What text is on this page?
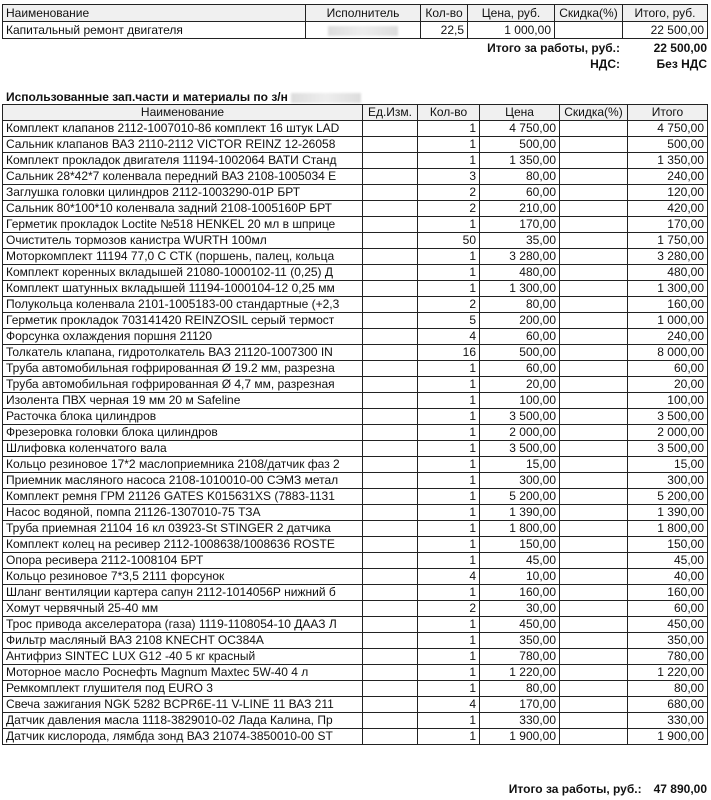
Наименование	Исполнитель	Кол-во	Цена, руб.	Скидка(%)	Итого, руб.
Капитальный ремонт двигателя		22,5	1 000,00		22 500,00
Итого за работы, руб.:	22 500,00
НДС:	Без НДС
Использованные зап.части и материалы по з/н
Наименование	Ед.Изм.	Кол-во	Цена	Скидка(%)	Итого
Комплект клапанов 2112-1007010-86 комплект 16 штук LAD		1	4 750,00		4 750,00
Сальник клапанов ВАЗ 2110-2112 VICTOR REINZ 12-26058		1	500,00		500,00
Комплект прокладок двигателя 11194-1002064 ВАТИ Станд		1	1 350,00		1 350,00
Сальник 28*42*7 коленвала передний ВАЗ 2108-1005034 Е		3	80,00		240,00
Заглушка головки цилиндров 2112-1003290-01Р БРТ		2	60,00		120,00
Сальник 80*100*10 коленвала задний 2108-1005160Р БРТ		2	210,00		420,00
Герметик прокладок Loctite №518 HENKEL 20 мл в шприце		1	170,00		170,00
Очиститель тормозов канистра WURTH 100мл		50	35,00		1 750,00
Моторкомплект 11194 77,0 С СТК (поршень, палец, кольца		1	3 280,00		3 280,00
Комплект коренных вкладышей 21080-1000102-11 (0,25) Д		1	480,00		480,00
Комплект шатунных вкладышей 11194-1000104-12 0,25 мм		1	1 300,00		1 300,00
Полукольца коленвала 2101-1005183-00 стандартные (+2,3		2	80,00		160,00
Герметик прокладок 703141420 REINZOSIL серый термост		5	200,00		1 000,00
Форсунка охлаждения поршня 21120		4	60,00		240,00
Толкатель клапана, гидротолкатель ВАЗ 21120-1007300 IN		16	500,00		8 000,00
Труба автомобильная гофрированная Ø 19.2 мм, разрезна		1	60,00		60,00
Труба автомобильная гофрированная Ø 4,7 мм, разрезная		1	20,00		20,00
Изолента ПВХ черная 19 мм 20 м Safeline		1	100,00		100,00
Расточка блока цилиндров		1	3 500,00		3 500,00
Фрезеровка головки блока цилиндров		1	2 000,00		2 000,00
Шлифовка коленчатого вала		1	3 500,00		3 500,00
Кольцо резиновое 17*2 маслоприемника 2108/датчик фаз 2		1	15,00		15,00
Приемник масляного насоса 2108-1010010-00 СЭМЗ метал		1	300,00		300,00
Комплект ремня ГРМ 21126 GATES K015631XS (7883-1131		1	5 200,00		5 200,00
Насос водяной, помпа 21126-1307010-75 ТЗА		1	1 390,00		1 390,00
Труба приемная 21104 16 кл 03923-St STINGER 2 датчика		1	1 800,00		1 800,00
Комплект колец на ресивер 2112-1008638/1008636 ROSTE		1	150,00		150,00
Опора ресивера 2112-1008104 БРТ		1	45,00		45,00
Кольцо резиновое 7*3,5 2111 форсунок		4	10,00		40,00
Шланг вентиляции картера сапун 2112-1014056Р нижний б		1	160,00		160,00
Хомут червячный 25-40 мм		2	30,00		60,00
Трос привода акселератора (газа) 1119-1108054-10 ДААЗ Л		1	450,00		450,00
Фильтр масляный ВАЗ 2108 KNECHT OC384A		1	350,00		350,00
Антифриз SINTEC LUX G12 -40 5 кг красный		1	780,00		780,00
Моторное масло Роснефть Magnum Maxtec 5W-40 4 л		1	1 220,00		1 220,00
Ремкомплект глушителя под EURO 3		1	80,00		80,00
Свеча зажигания NGK 5282 BCPR6E-11 V-LINE 11 ВАЗ 211		4	170,00		680,00
Датчик давления масла 1118-3829010-02 Лада Калина, Пр		1	330,00		330,00
Датчик кислорода, лямбда зонд ВАЗ 21074-3850010-00 ST		1	1 900,00		1 900,00
Итого за работы, руб.: 47 890,00
